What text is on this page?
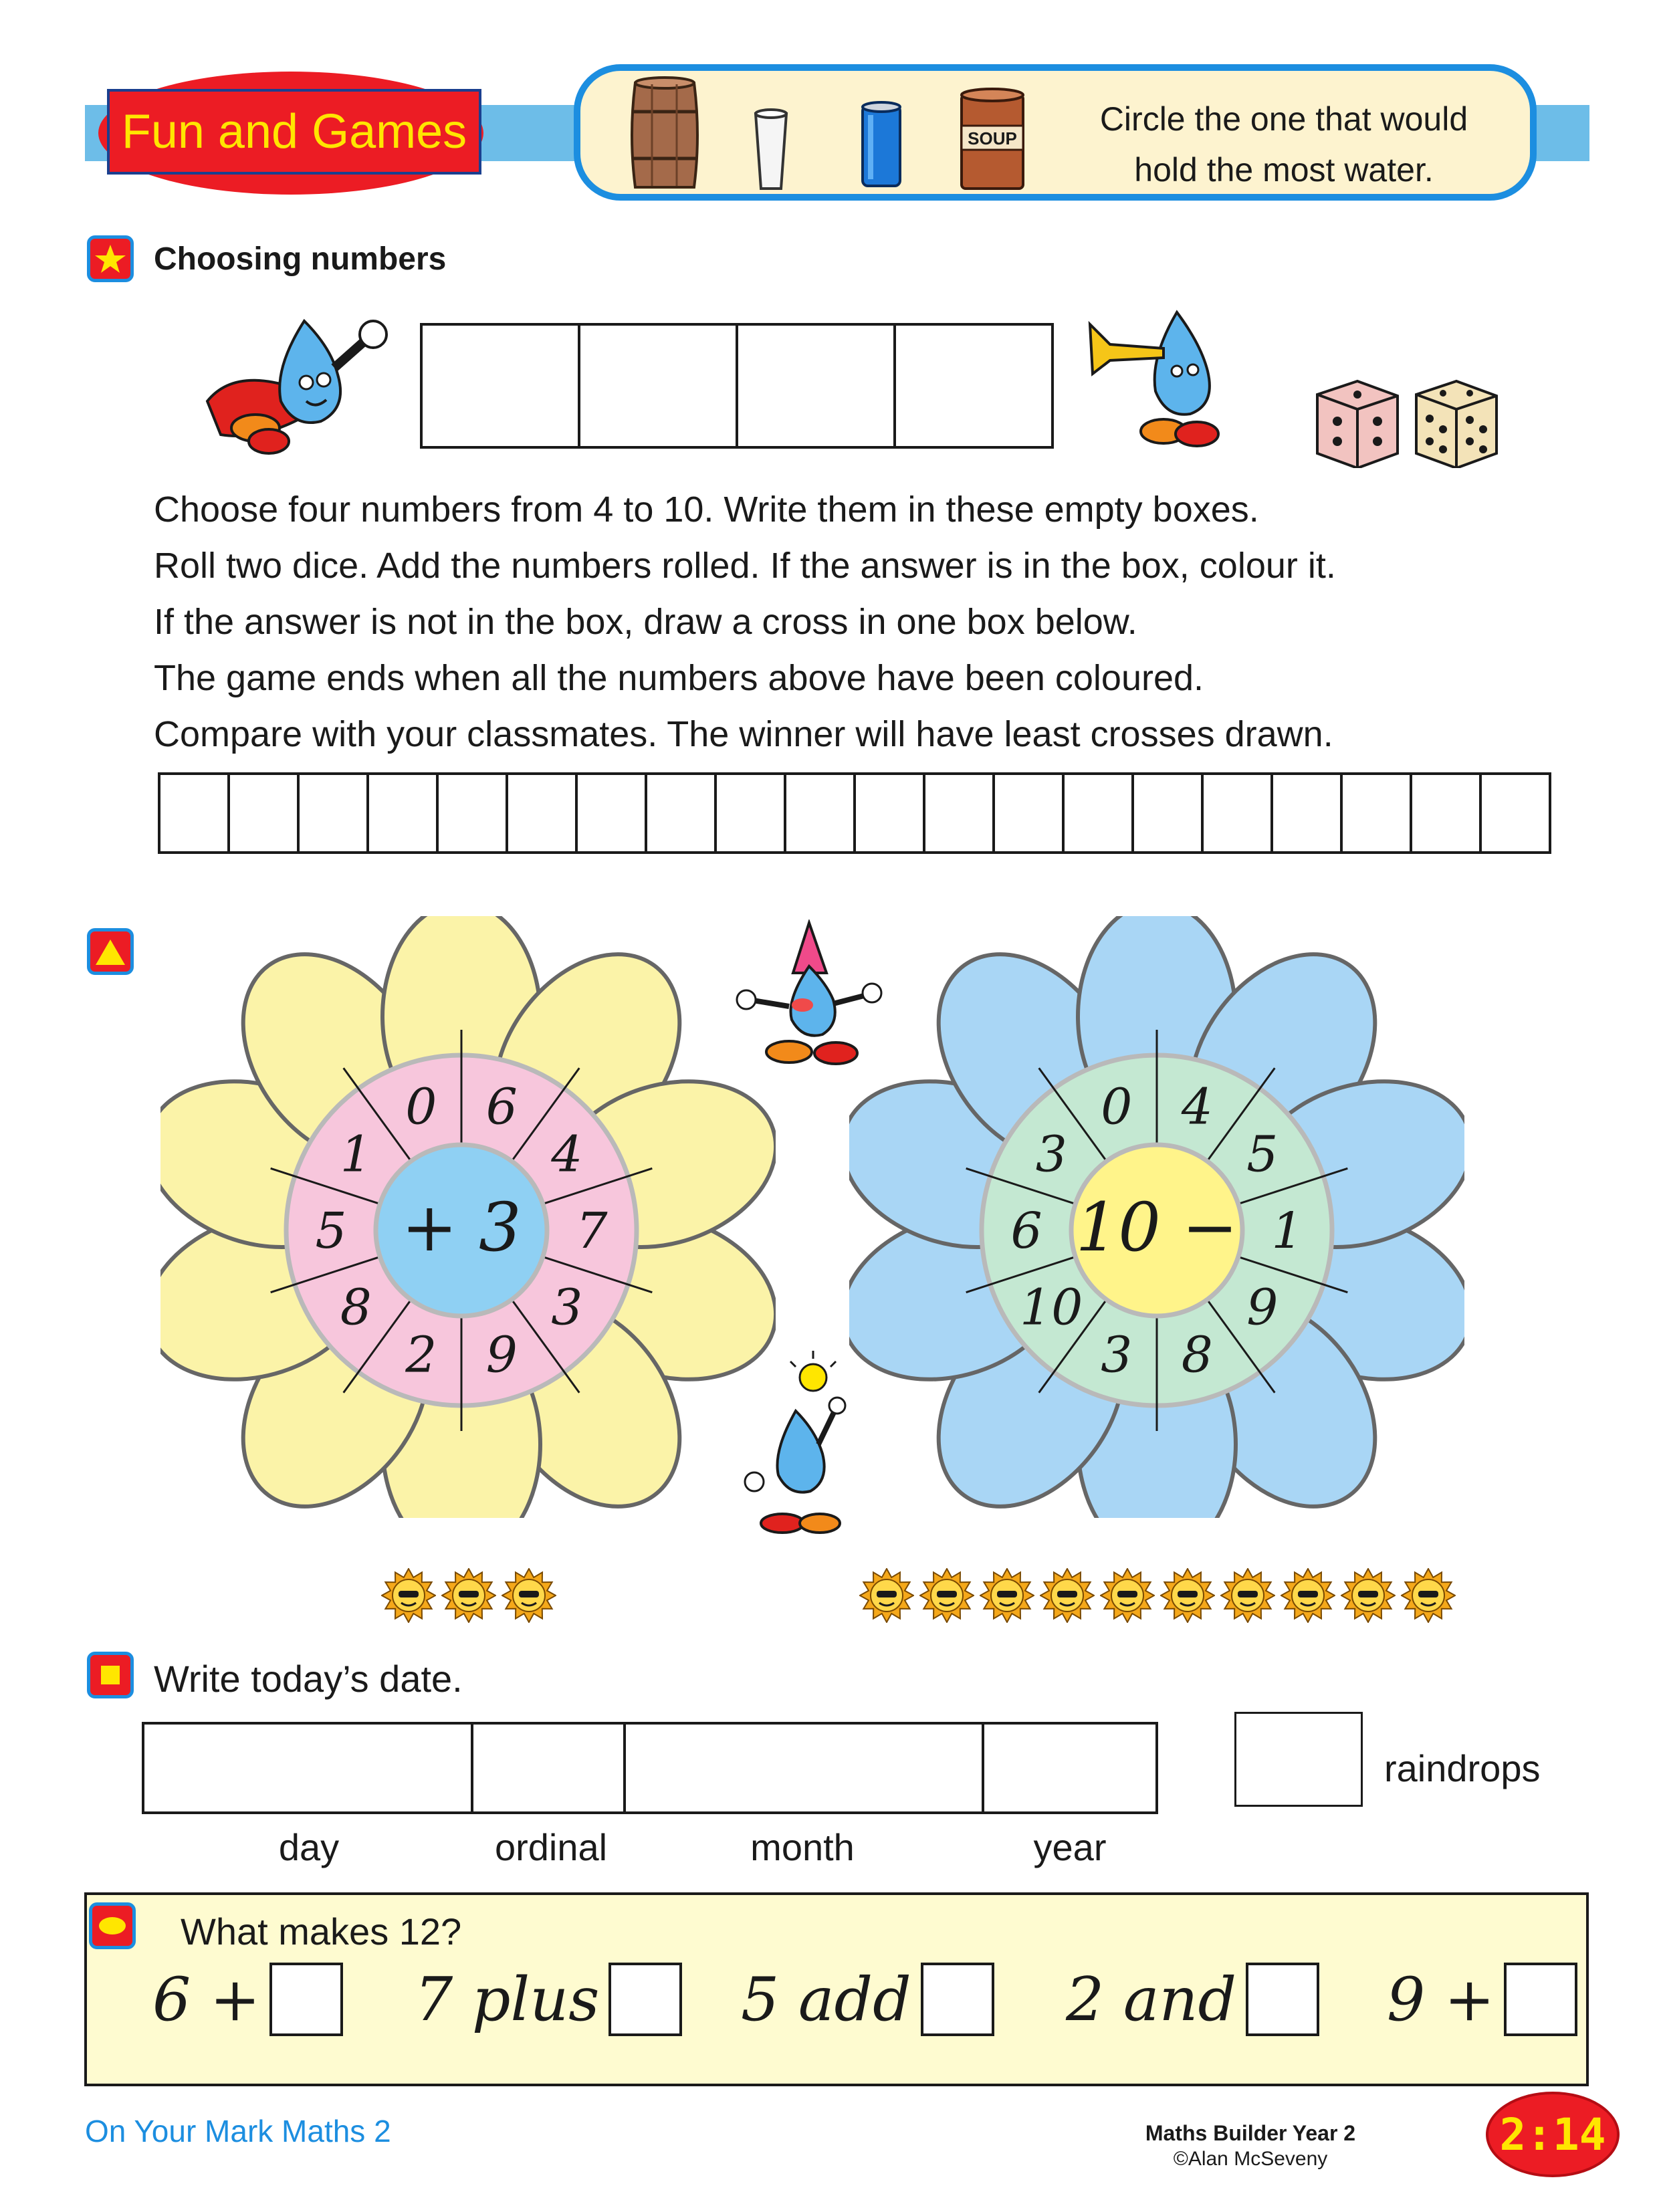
Fun and Games	SOUP
Circle the one that would
hold the most water.
Choosing numbers
Choose four numbers from 4 to 10. Write them in these empty boxes.
Roll two dice. Add the numbers rolled. If the answer is in the box, colour it.
If the answer is not in the box, draw a cross in one box below.
The game ends when all the numbers above have been coloured.
Compare with your classmates. The winner will have least crosses drawn.
+ 3
6
4
7
3
9
2
8
5
1
0
10 −
0 4
5
1
9
8
3
10
6
3
Write today’s date.
day	ordinal	month	year
raindrops
What makes 12?
6 +	7 plus 5 add	2 and 9 +
On Your Mark Maths 2	Maths Builder Year 2
©Alan McSeveny	2:14
